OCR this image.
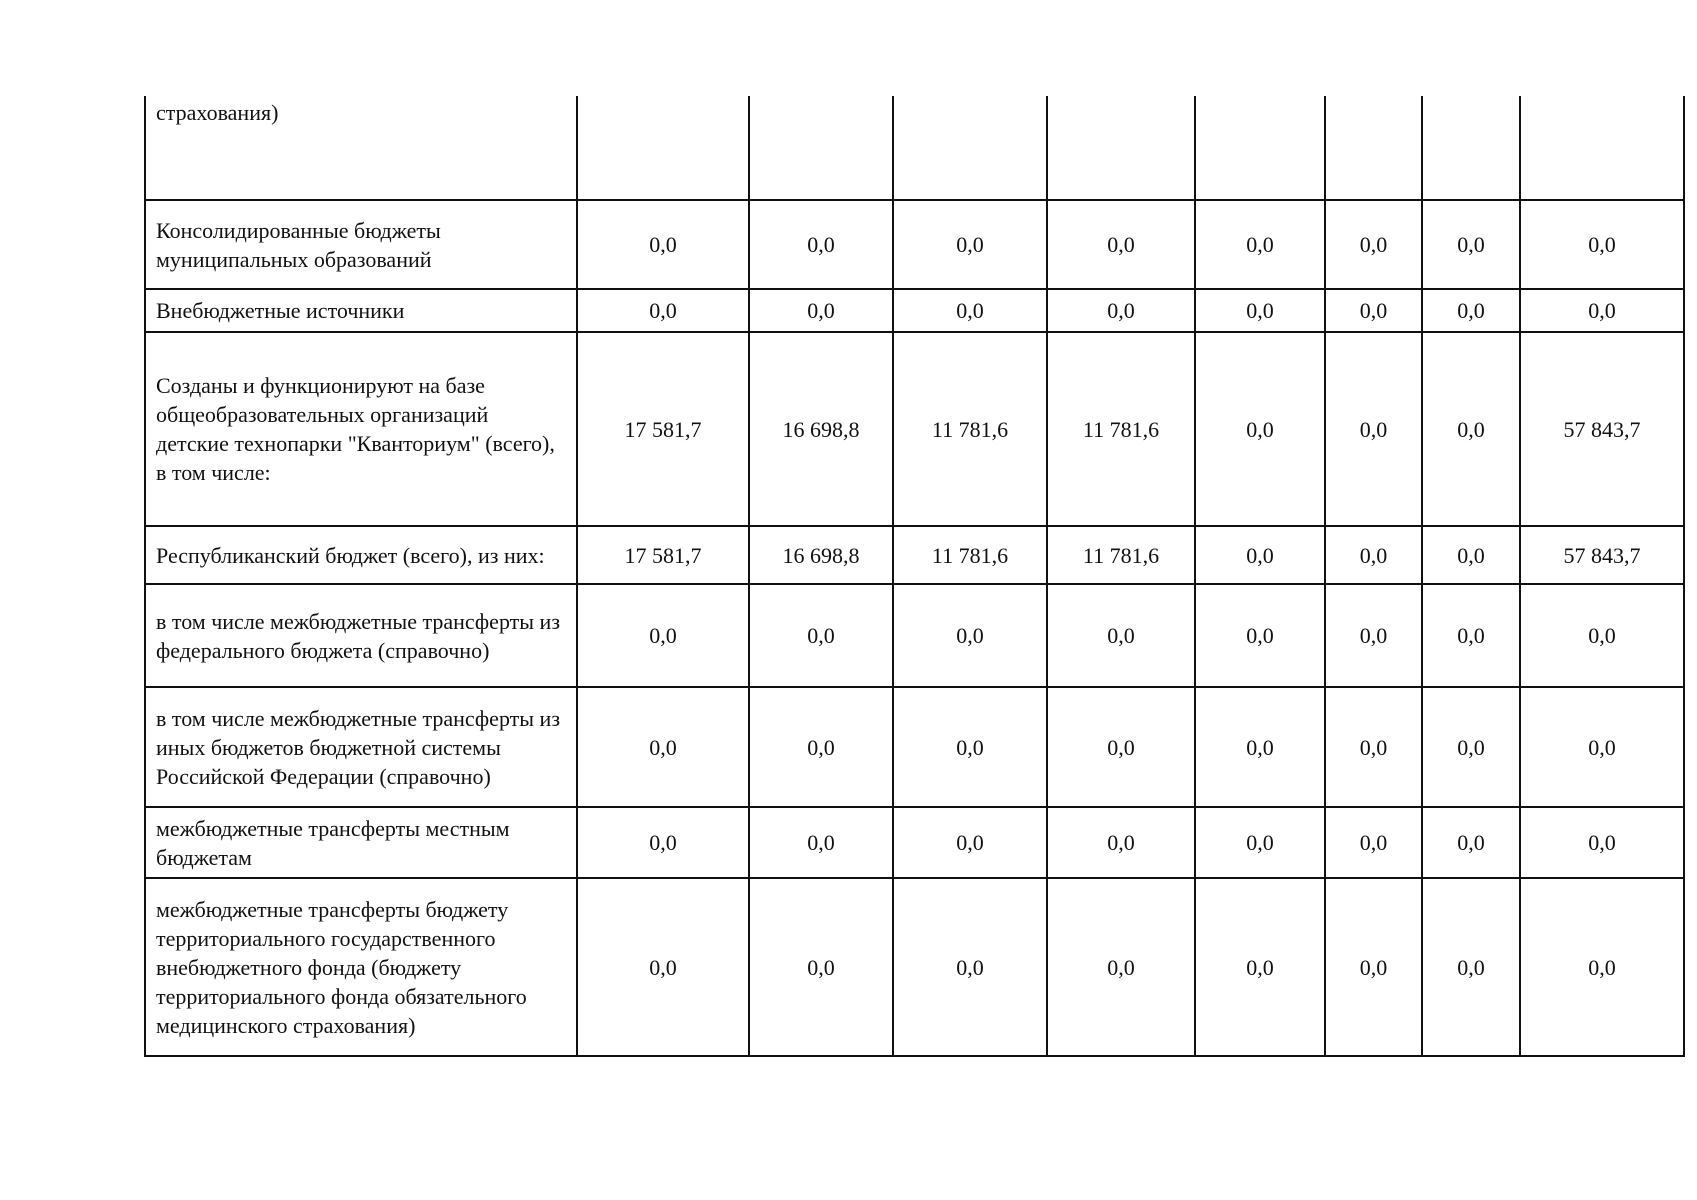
страхования)								
Консолидированные бюджеты муниципальных образований	0,0	0,0	0,0	0,0	0,0	0,0	0,0	0,0
Внебюджетные источники	0,0	0,0	0,0	0,0	0,0	0,0	0,0	0,0
Созданы и функционируют на базе общеобразовательных организаций детские технопарки "Кванториум" (всего), в том числе:	17 581,7	16 698,8	11 781,6	11 781,6	0,0	0,0	0,0	57 843,7
Республиканский бюджет (всего), из них:	17 581,7	16 698,8	11 781,6	11 781,6	0,0	0,0	0,0	57 843,7
в том числе межбюджетные трансферты из федерального бюджета (справочно)	0,0	0,0	0,0	0,0	0,0	0,0	0,0	0,0
в том числе межбюджетные трансферты из иных бюджетов бюджетной системы Российской Федерации (справочно)	0,0	0,0	0,0	0,0	0,0	0,0	0,0	0,0
межбюджетные трансферты местным бюджетам	0,0	0,0	0,0	0,0	0,0	0,0	0,0	0,0
межбюджетные трансферты бюджету территориального государственного внебюджетного фонда (бюджету территориального фонда обязательного медицинского страхования)	0,0	0,0	0,0	0,0	0,0	0,0	0,0	0,0
